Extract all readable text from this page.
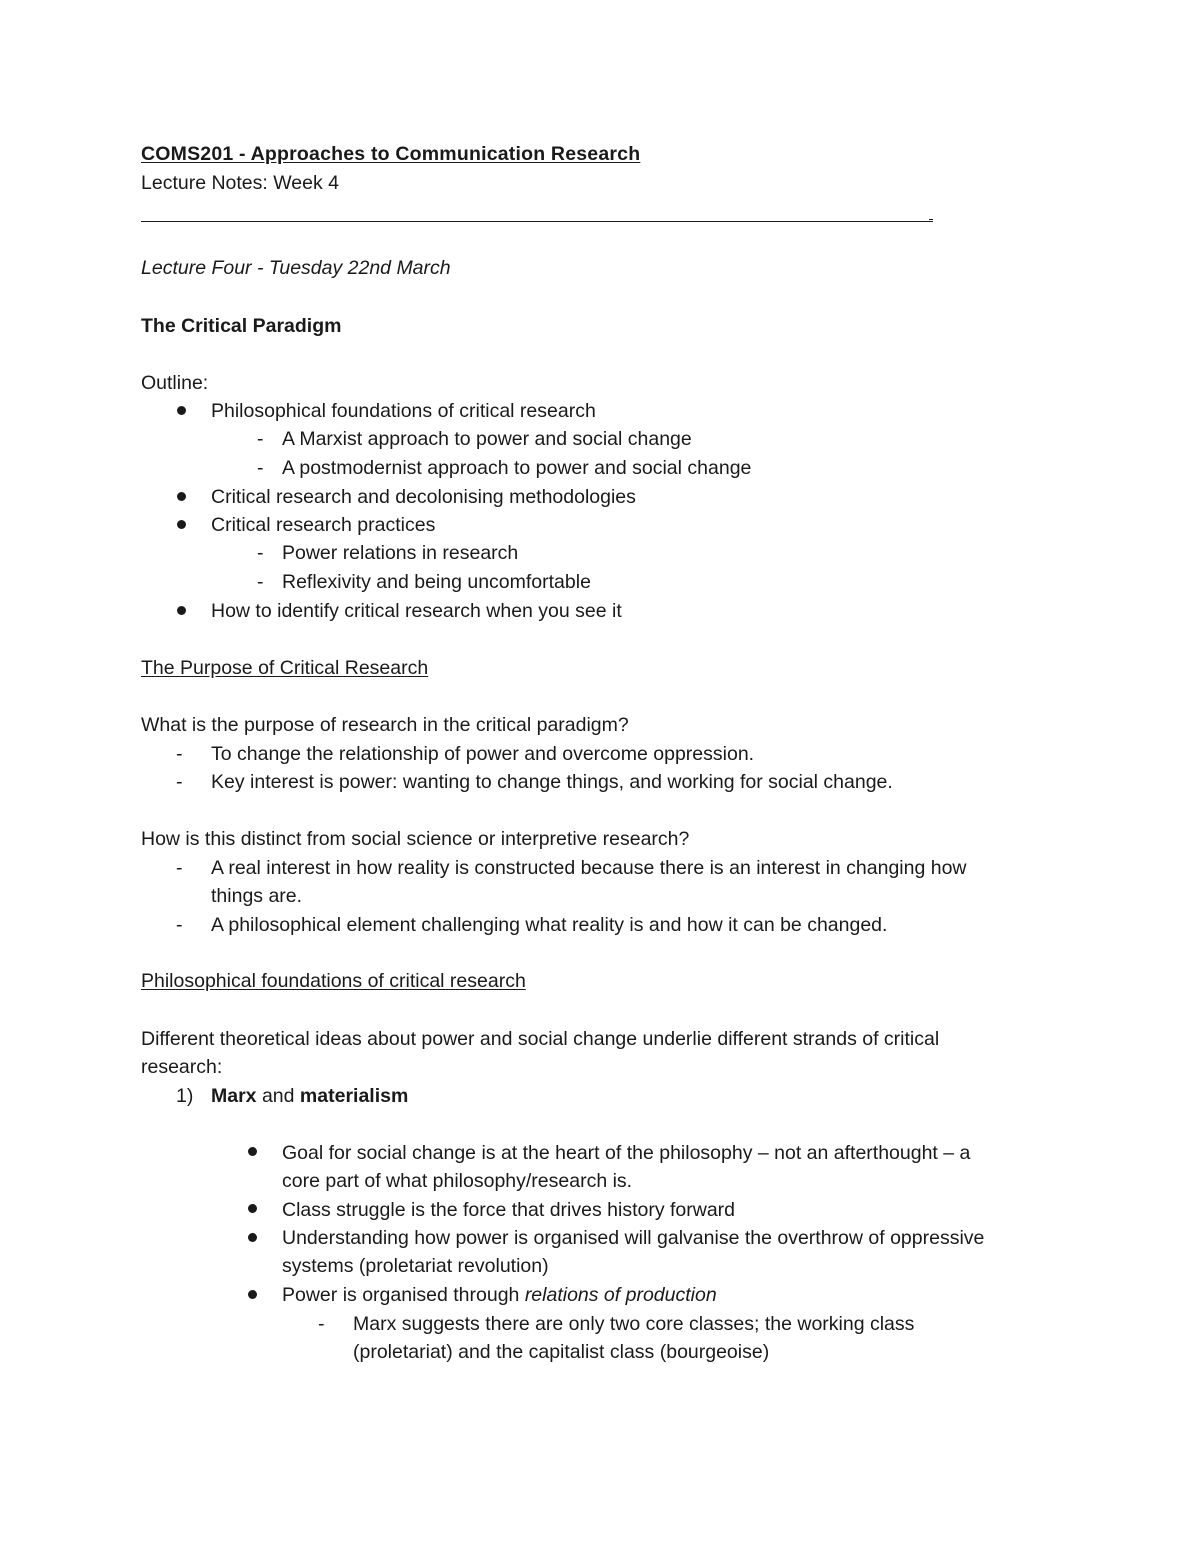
COMS201 - Approaches to Communication Research
Lecture Notes: Week 4
Lecture Four - Tuesday 22nd March
The Critical Paradigm
Outline:
Philosophical foundations of critical research
- A Marxist approach to power and social change
- A postmodernist approach to power and social change
Critical research and decolonising methodologies
Critical research practices
- Power relations in research
- Reflexivity and being uncomfortable
How to identify critical research when you see it
The Purpose of Critical Research
What is the purpose of research in the critical paradigm?
- To change the relationship of power and overcome oppression.
- Key interest is power: wanting to change things, and working for social change.
How is this distinct from social science or interpretive research?
- A real interest in how reality is constructed because there is an interest in changing how
things are.
- A philosophical element challenging what reality is and how it can be changed.
Philosophical foundations of critical research
Different theoretical ideas about power and social change underlie different strands of critical
research:
1) Marx and materialism
Goal for social change is at the heart of the philosophy – not an afterthought – a
core part of what philosophy/research is.
Class struggle is the force that drives history forward
Understanding how power is organised will galvanise the overthrow of oppressive
systems (proletariat revolution)
Power is organised through relations of production
- Marx suggests there are only two core classes; the working class
(proletariat) and the capitalist class (bourgeoise)
